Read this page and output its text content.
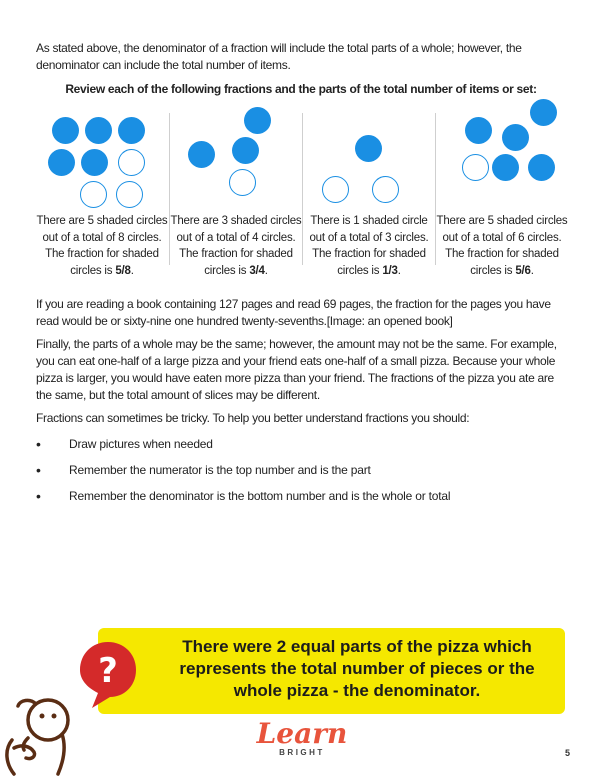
As stated above, the denominator of a fraction will include the total parts of a whole; however, the denominator can include the total number of items.
Review each of the following fractions and the parts of the total number of items or set:
There are 5 shaded circles out of a total of 8 circles. The fraction for shaded circles is 5/8.
There are 3 shaded circles out of a total of 4 circles. The fraction for shaded circles is 3/4.
There is 1 shaded circle out of a total of 3 circles. The fraction for shaded circles is 1/3.
There are 5 shaded circles out of a total of 6 circles. The fraction for shaded circles is 5/6.
If you are reading a book containing 127 pages and read 69 pages, the fraction for the pages you have read would be or sixty-nine one hundred twenty-sevenths.[Image: an opened book]
Finally, the parts of a whole may be the same; however, the amount may not be the same. For example, you can eat one-half of a large pizza and your friend eats one-half of a small pizza. Because your whole pizza is larger, you would have eaten more pizza than your friend. The fractions of the pizza you ate are the same, but the total amount of slices may be different.
Fractions can sometimes be tricky. To help you better understand fractions you should:
• Draw pictures when needed
• Remember the numerator is the top number and is the part
• Remember the denominator is the bottom number and is the whole or total
There were 2 equal parts of the pizza which represents the total number of pieces or the whole pizza - the denominator.
?
Learn
BRIGHT	5
